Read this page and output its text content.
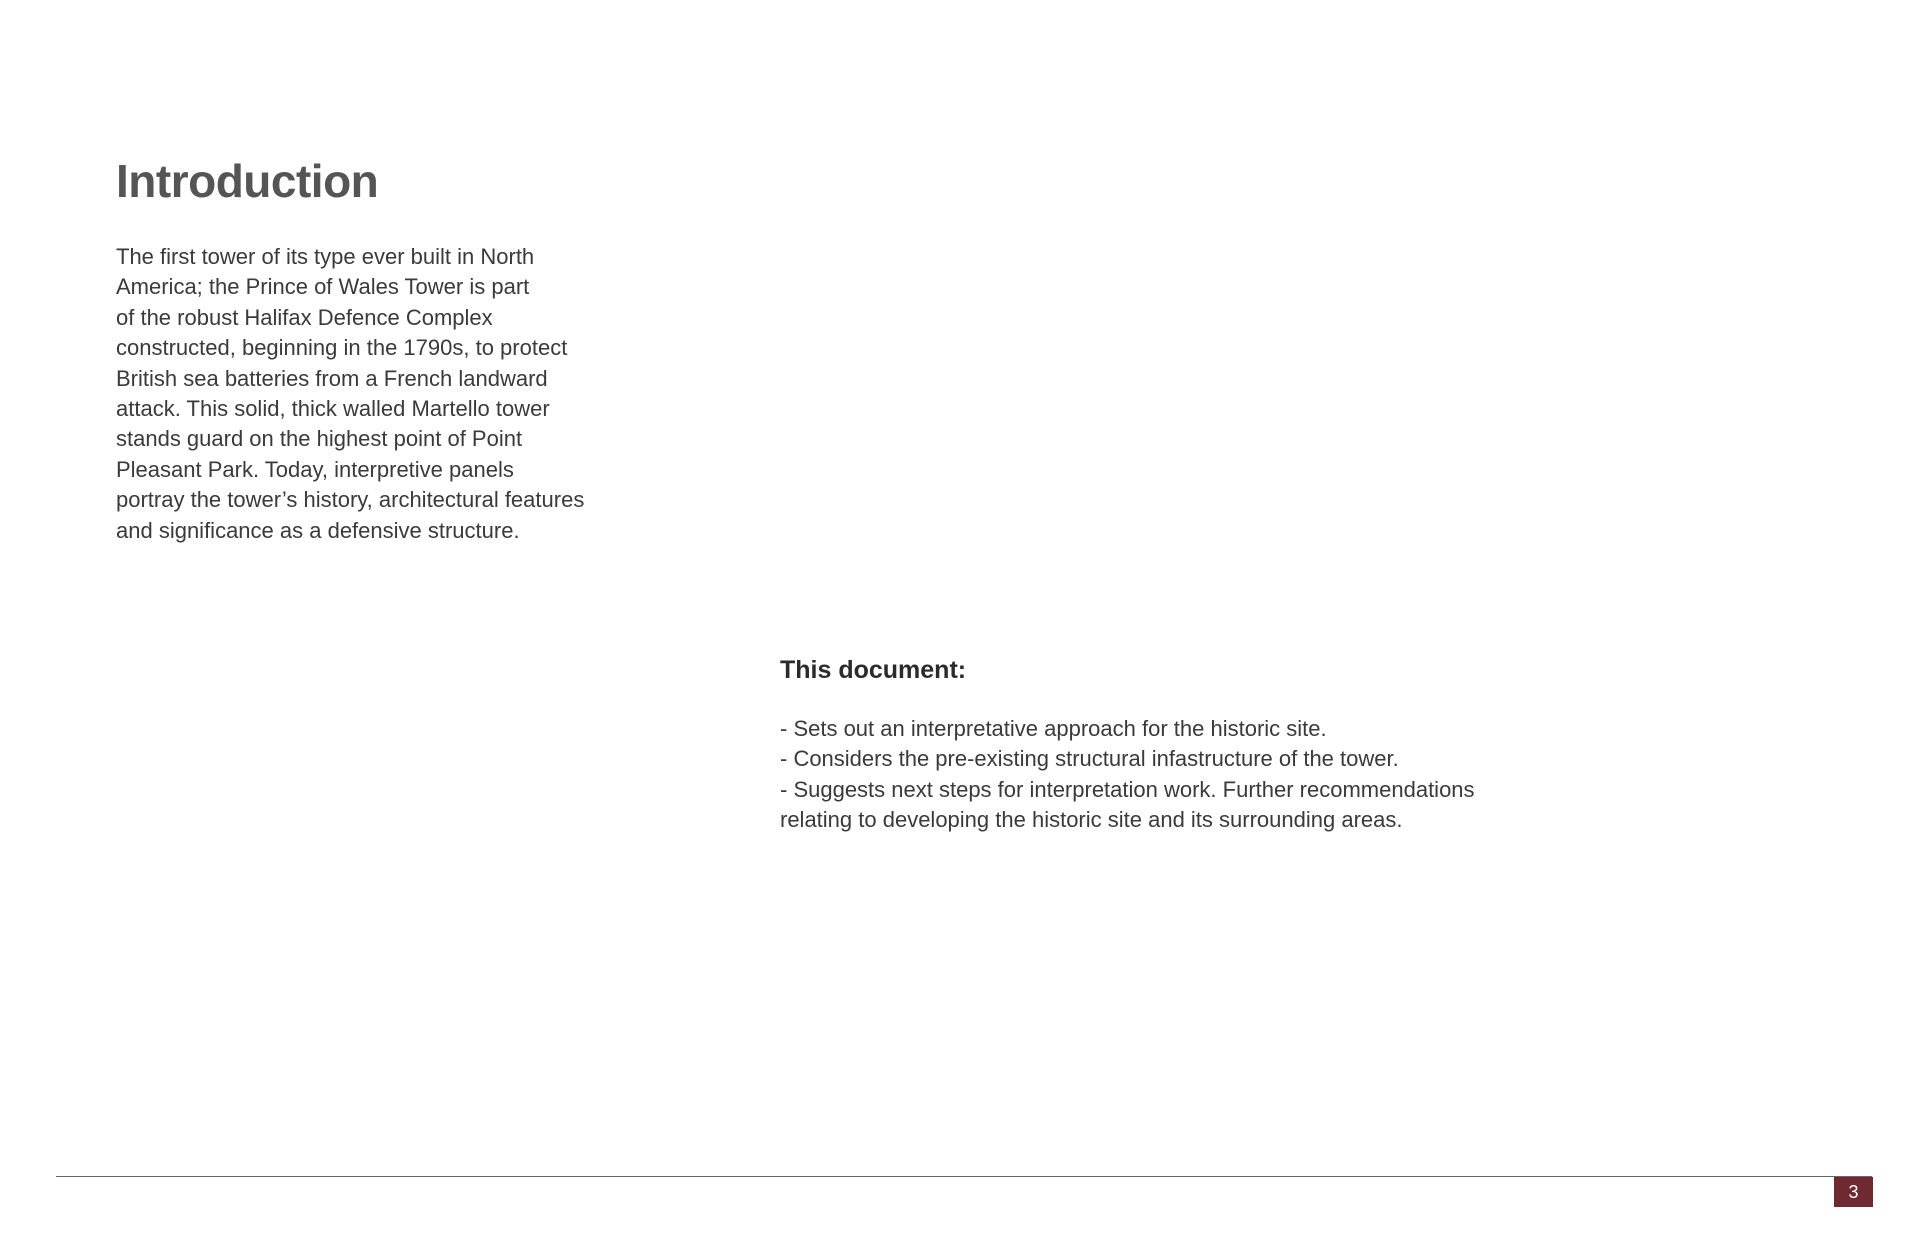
Introduction
The first tower of its type ever built in North
America; the Prince of Wales Tower is part
of the robust Halifax Defence Complex
constructed, beginning in the 1790s, to protect
British sea batteries from a French landward
attack. This solid, thick walled Martello tower
stands guard on the highest point of Point
Pleasant Park. Today, interpretive panels
portray the tower’s history, architectural features
and significance as a defensive structure.
This document:
- Sets out an interpretative approach for the historic site.
- Considers the pre-existing structural infastructure of the tower.
- Suggests next steps for interpretation work. Further recommendations
relating to developing the historic site and its surrounding areas.
3
